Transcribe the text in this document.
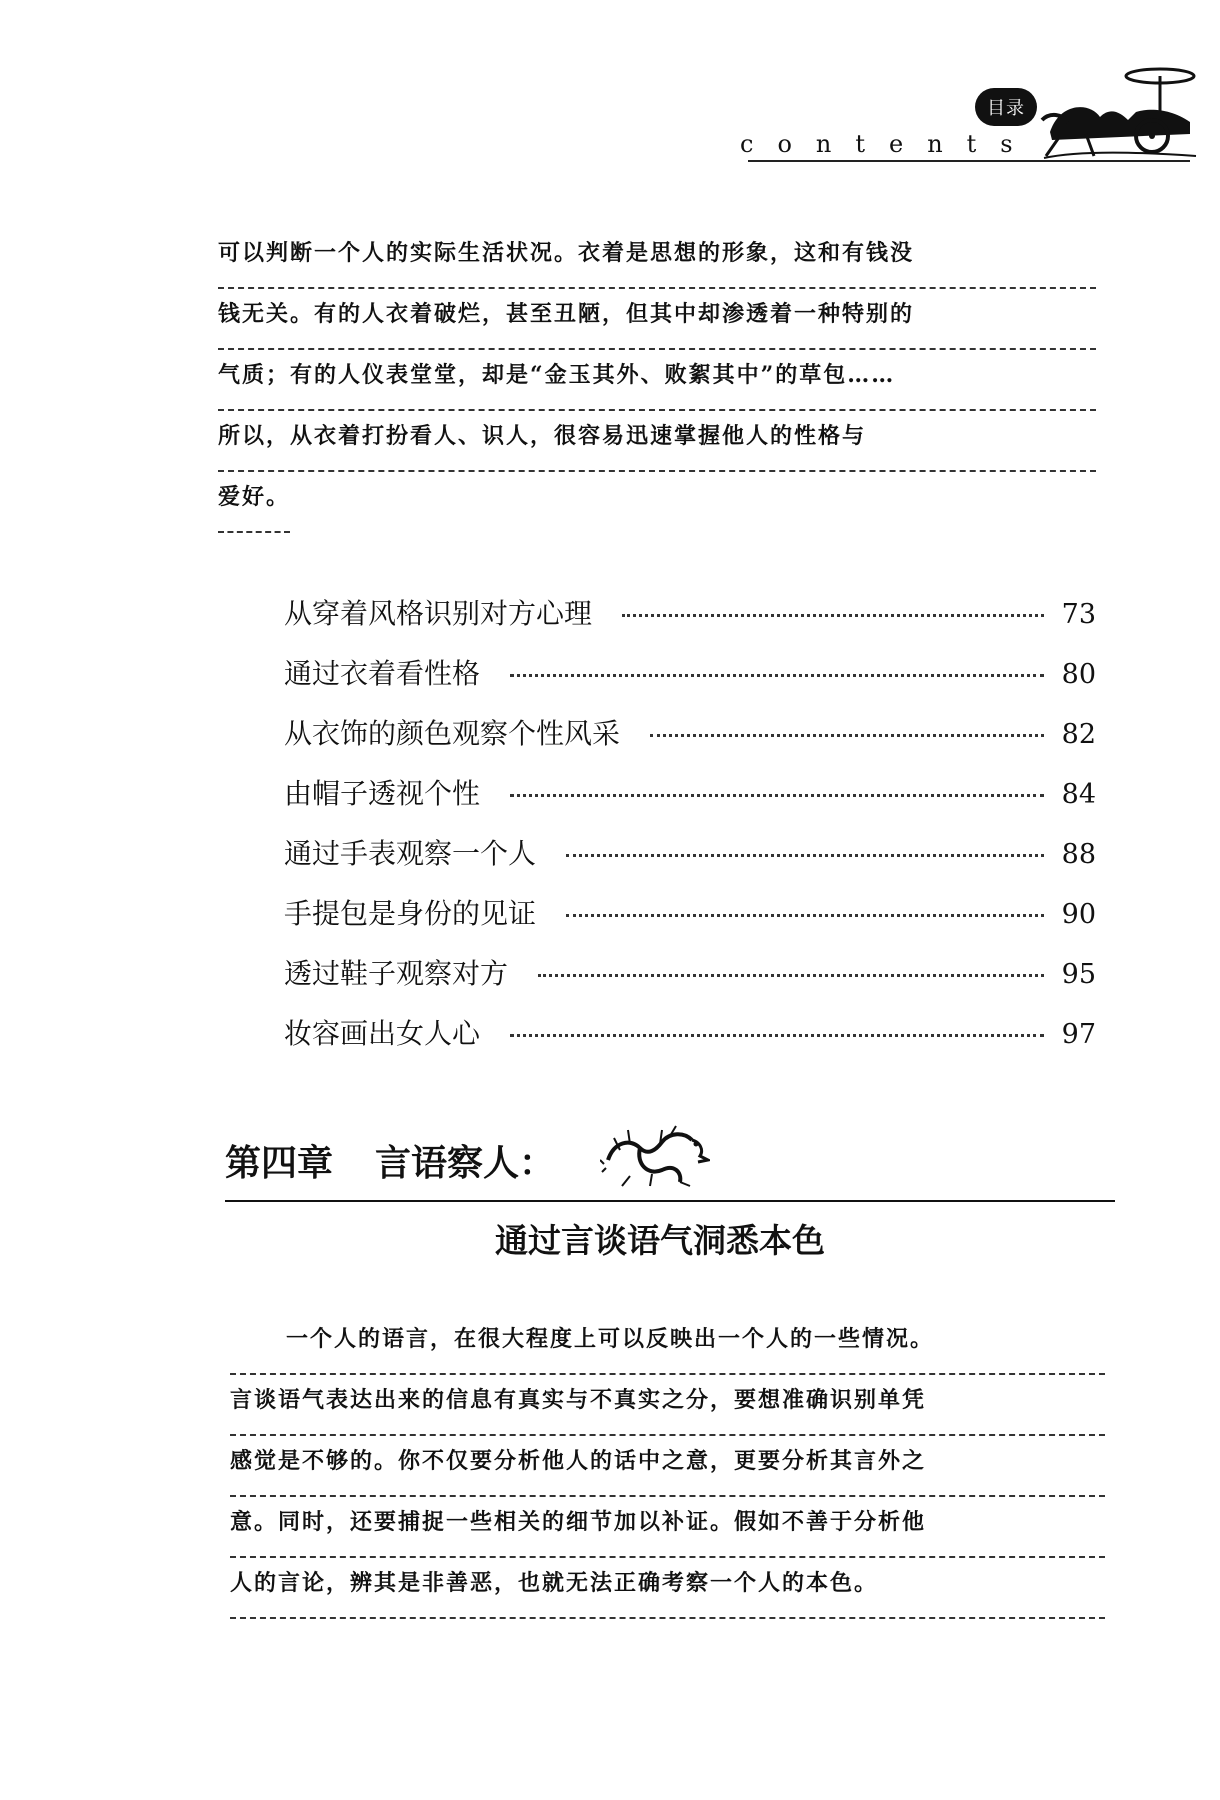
目录
contents
可以判断一个人的实际生活状况。衣着是思想的形象，这和有钱没
钱无关。有的人衣着破烂，甚至丑陋，但其中却渗透着一种特别的
气质；有的人仪表堂堂，却是“金玉其外、败絮其中”的草包……
所以，从衣着打扮看人、识人，很容易迅速掌握他人的性格与
爱好。
从穿着风格识别对方心理	73
通过衣着看性格	80
从衣饰的颜色观察个性风采	82
由帽子透视个性	84
通过手表观察一个人	88
手提包是身份的见证	90
透过鞋子观察对方	95
妆容画出女人心	97
第四章 言语察人：
通过言谈语气洞悉本色
一个人的语言，在很大程度上可以反映出一个人的一些情况。
言谈语气表达出来的信息有真实与不真实之分，要想准确识别单凭
感觉是不够的。你不仅要分析他人的话中之意，更要分析其言外之
意。同时，还要捕捉一些相关的细节加以补证。假如不善于分析他
人的言论，辨其是非善恶，也就无法正确考察一个人的本色。
